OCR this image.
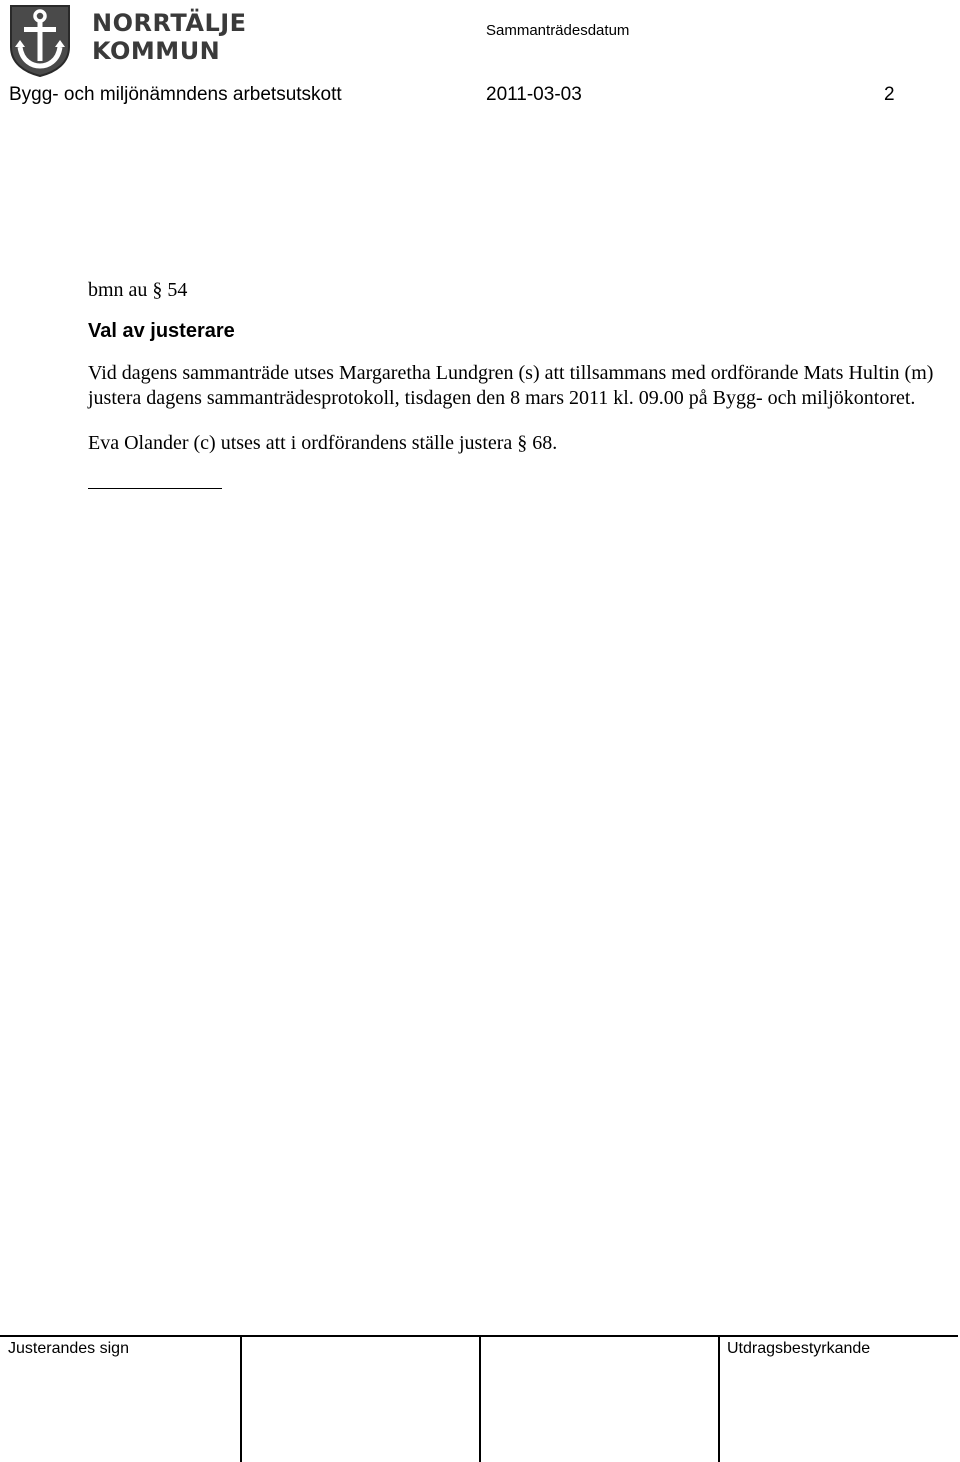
NORRTÄLJE
KOMMUN
Sammanträdesdatum
Bygg- och miljönämndens arbetsutskott	2011-03-03	2

bmn au § 54

Val av justerare

Vid dagens sammanträde utses Margaretha Lundgren (s) att tillsammans med ordförande Mats Hultin (m) justera dagens sammanträdesprotokoll, tisdagen den 8 mars 2011 kl. 09.00 på Bygg- och miljökontoret.

Eva Olander (c) utses att i ordförandens ställe justera § 68.

Justerandes sign	Utdragsbestyrkande
